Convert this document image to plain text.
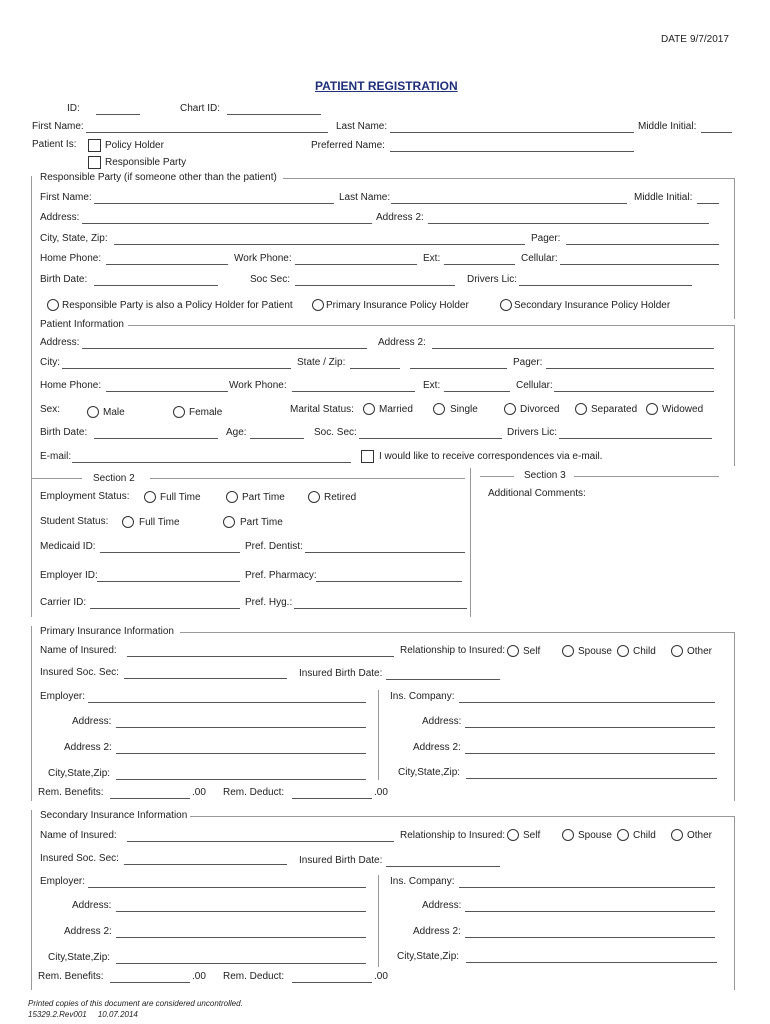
DATE 9/7/2017
PATIENT REGISTRATION
ID:	Chart ID:
First Name:	Last Name:	Middle Initial:
Patient Is:	Policy Holder
Responsible Party
Preferred Name:
Responsible Party (if someone other than the patient)
First Name:	Last Name:	Middle Initial:
Address:	Address 2:
City, State, Zip:	Pager:
Home Phone:	Work Phone:	Ext:	Cellular:
Birth Date:	Soc Sec:	Drivers Lic:
Responsible Party is also a Policy Holder for Patient	Primary Insurance Policy Holder	Secondary Insurance Policy Holder
Patient Information
Address:	Address 2:
City:	State / Zip:	Pager:
Home Phone:	Work Phone:	Ext:	Cellular:
Sex:	Male	Female	Marital Status:	Married	Single	Divorced	Separated Widowed
Birth Date:	Age:	Soc. Sec:	Drivers Lic:
E-mail:	I would like to receive correspondences via e-mail.
Section 2	Section 3
Additional Comments:
Employment Status:	Full Time	Part Time	Retired
Student Status:	Full Time	Part Time
Medicaid ID:	Pref. Dentist:
Employer ID:	Pref. Pharmacy:
Carrier ID:	Pref. Hyg.:
Primary Insurance Information
Name of Insured:	Relationship to Insured: Self	Spouse Child	Other
Insured Soc. Sec:	Insured Birth Date:
Employer:	Ins. Company:
Address:	Address:
Address 2:	Address 2:
City,State,Zip:	City,State,Zip:
Rem. Benefits:	.00 Rem. Deduct:	.00
Secondary Insurance Information
Name of Insured:	Relationship to Insured: Self	Spouse Child	Other
Insured Soc. Sec:	Insured Birth Date:
Employer:	Ins. Company:
Address:	Address:
Address 2:	Address 2:
City,State,Zip:	City,State,Zip:
Rem. Benefits:	.00 Rem. Deduct:	.00
Printed copies of this document are considered uncontrolled.
15329.2.Rev001     10.07.2014
